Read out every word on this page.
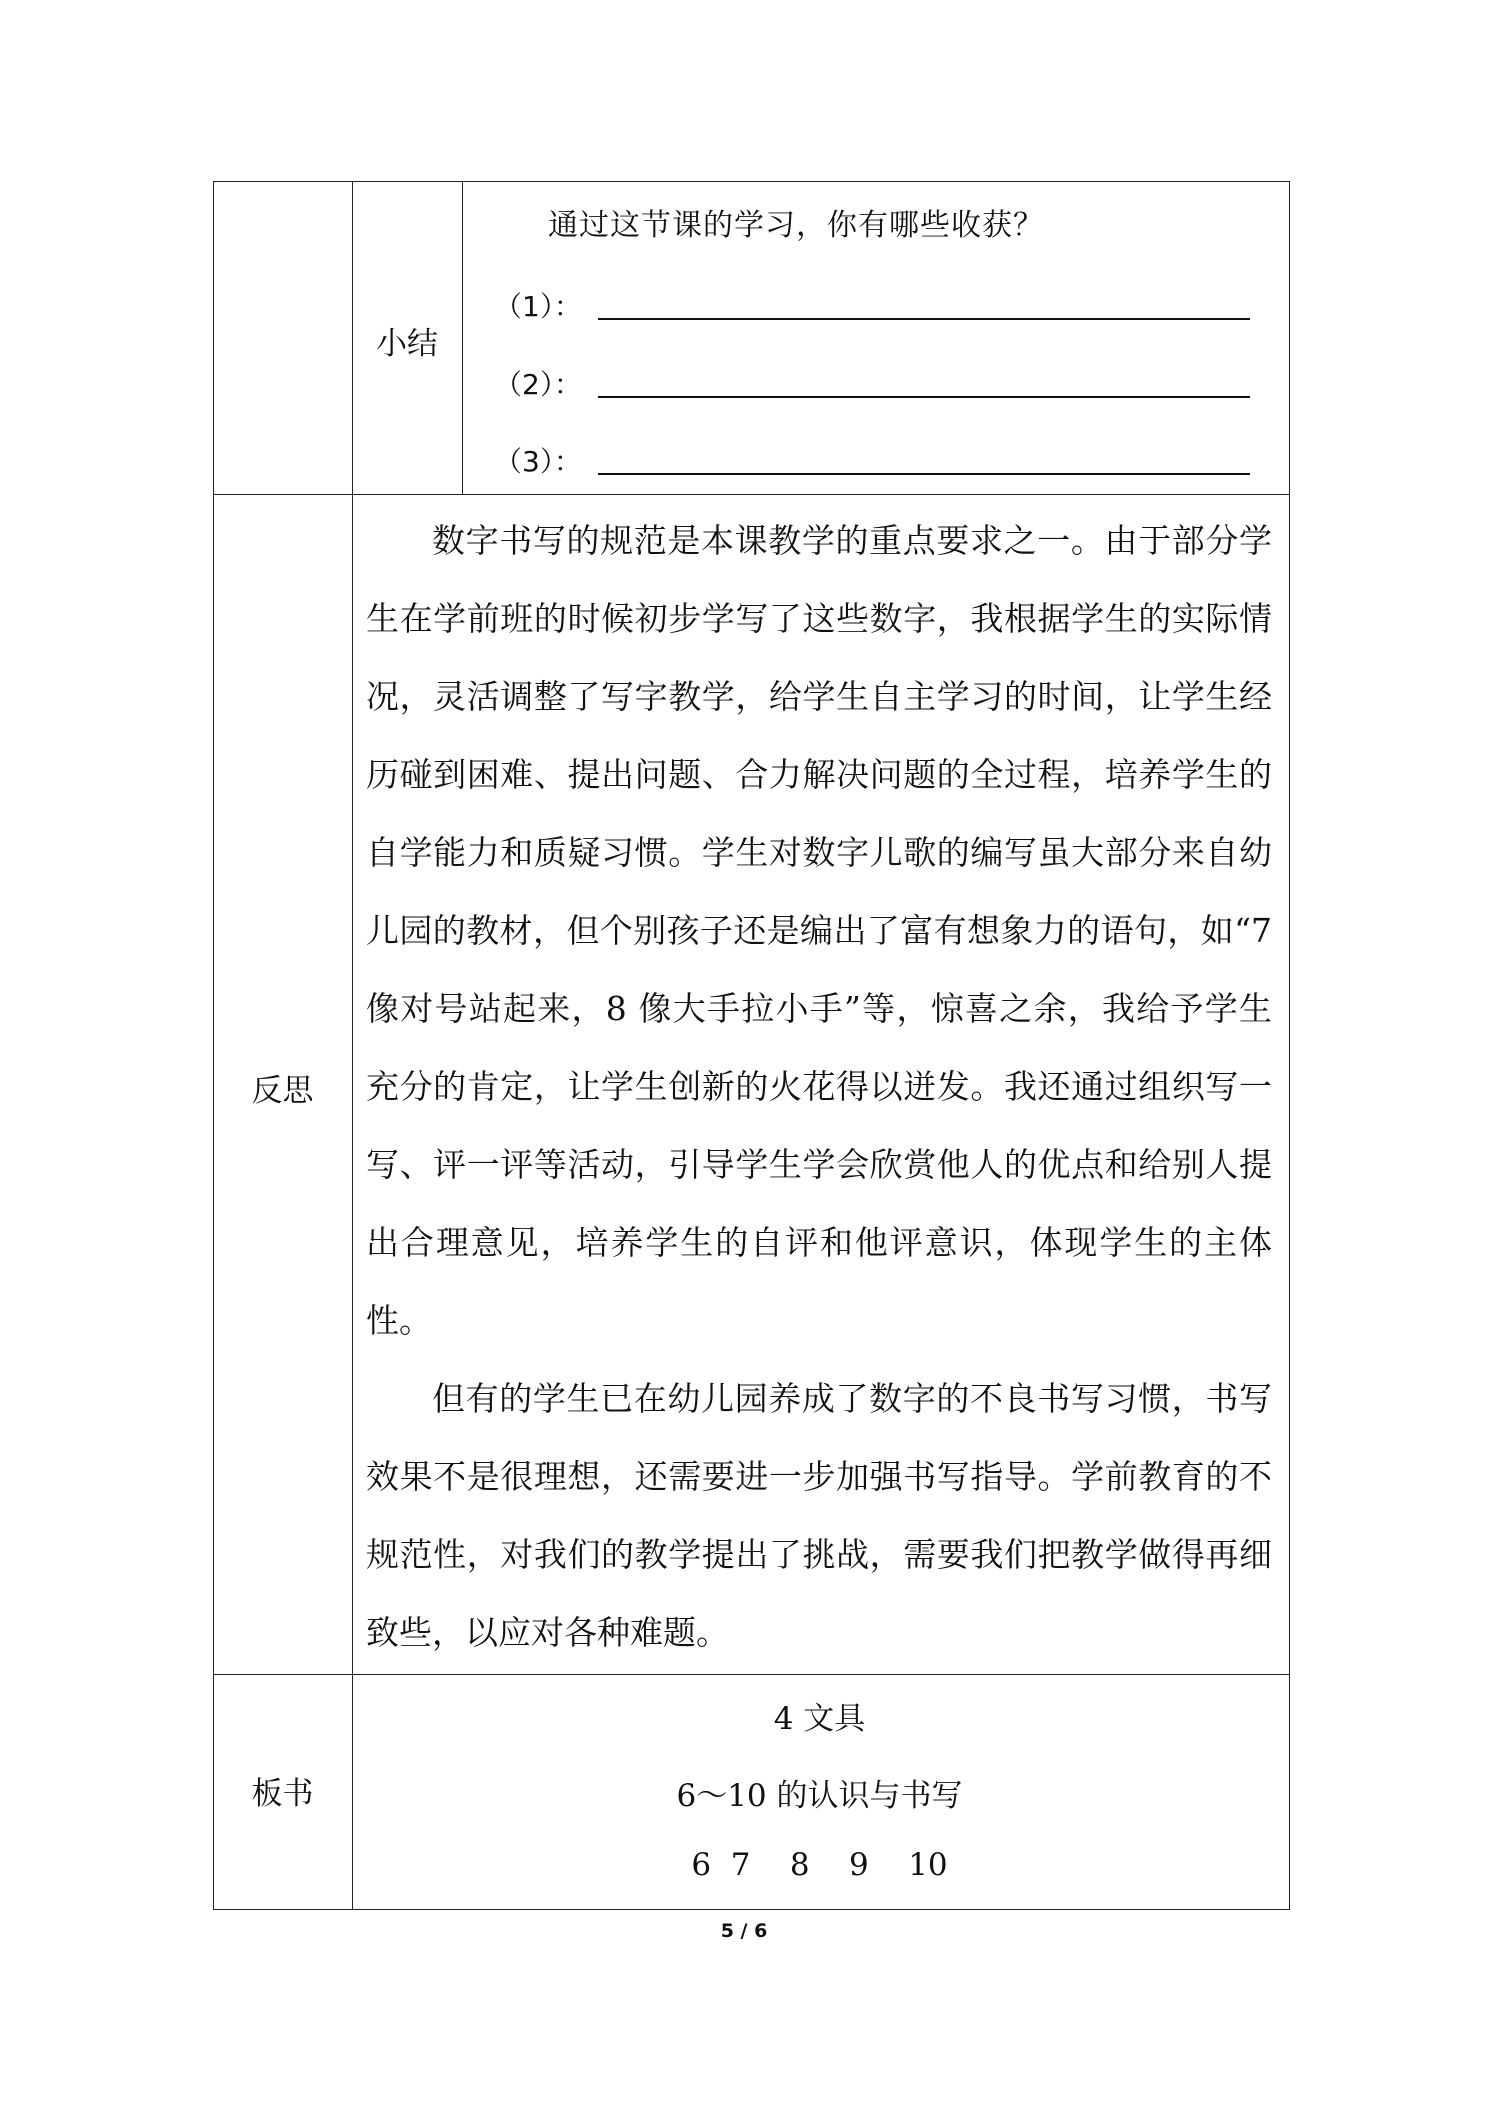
小结
通过这节课的学习，你有哪些收获？
（1）：
（2）：
（3）：
反思

数字书写的规范是本课教学的重点要求之一。由于部分学生在学前班的时候初步学写了这些数字，我根据学生的实际情况，灵活调整了写字教学，给学生自主学习的时间，让学生经历碰到困难、提出问题、合力解决问题的全过程，培养学生的自学能力和质疑习惯。学生对数字儿歌的编写虽大部分来自幼儿园的教材，但个别孩子还是编出了富有想象力的语句，如“7 像对号站起来，8 像大手拉小手”等，惊喜之余，我给予学生充分的肯定，让学生创新的火花得以迸发。我还通过组织写一写、评一评等活动，引导学生学会欣赏他人的优点和给别人提出合理意见，培养学生的自评和他评意识，体现学生的主体性。

但有的学生已在幼儿园养成了数字的不良书写习惯，书写效果不是很理想，还需要进一步加强书写指导。学前教育的不规范性，对我们的教学提出了挑战，需要我们把教学做得再细致些，以应对各种难题。

板书
4 文具
6～10 的认识与书写
6  7    8    9    10
5 / 6
